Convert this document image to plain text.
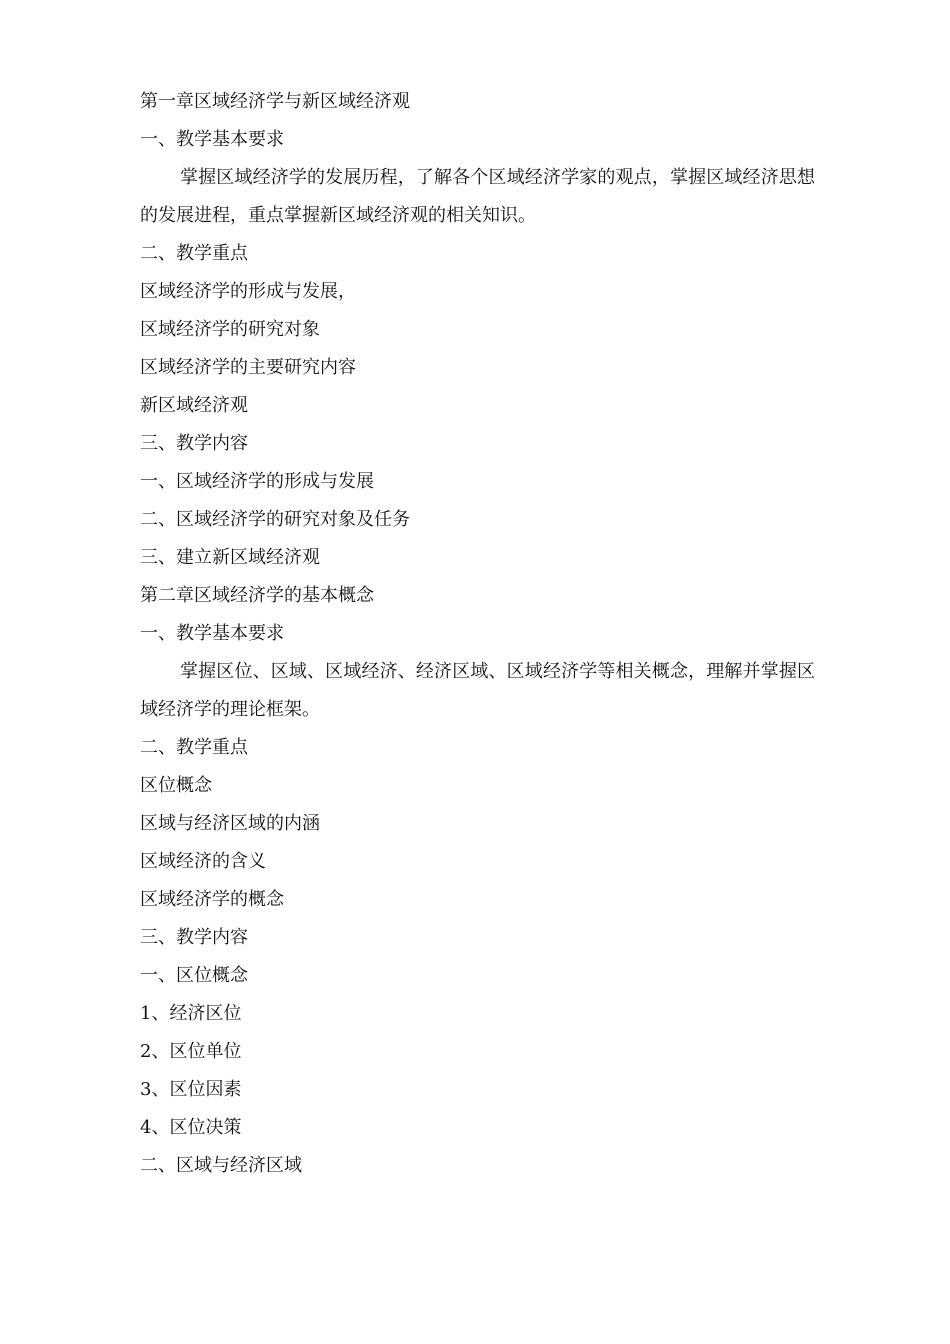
第一章区域经济学与新区域经济观

一、教学基本要求

掌握区域经济学的发展历程，了解各个区域经济学家的观点，掌握区域经济思想的发展进程，重点掌握新区域经济观的相关知识。

二、教学重点

区域经济学的形成与发展，

区域经济学的研究对象

区域经济学的主要研究内容

新区域经济观

三、教学内容

一、区域经济学的形成与发展

二、区域经济学的研究对象及任务

三、建立新区域经济观

第二章区域经济学的基本概念

一、教学基本要求

掌握区位、区域、区域经济、经济区域、区域经济学等相关概念，理解并掌握区域经济学的理论框架。

二、教学重点

区位概念

区域与经济区域的内涵

区域经济的含义

区域经济学的概念

三、教学内容

一、区位概念

1、经济区位

2、区位单位

3、区位因素

4、区位决策

二、区域与经济区域
